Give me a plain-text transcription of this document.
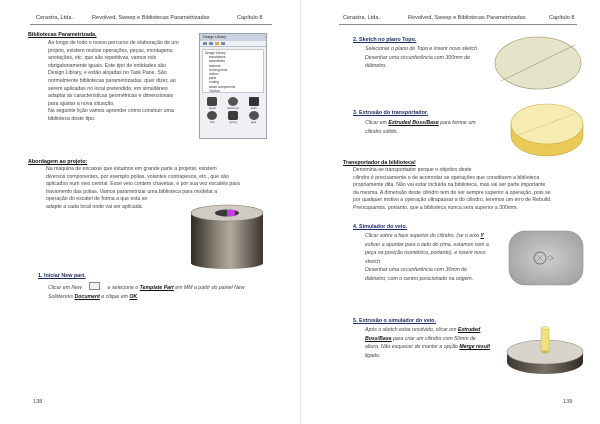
Cerastra, Ltda.	Revolved, Sweep e Bibliotecas Parametrizadas	Capítulo 8
Bibliotecas Parametrizada.
Ao longo de todo o nosso percurso de elaboração de um
projeto, existem muitos operações, peças, montagens,
anotações, etc. que são repetitivas, vamos nós
obrigatoriamente iguais. Este tipo de entidades são
Design Library, e estão alojadas no Task Pane. São
normalmente bibliotecas parametrizadas, quer dizer, ao
serem aplicadas no local pretendido, em simultâneo
adaptar às características geométricas e dimensionais
para ajustar à nova situação.
Na seguinte lição vamos aprender como construir uma
biblioteca deste tipo.
Design Library
Design Library
annotations
assemblies
features
forming tools
motion
parts
routing
smart components
Toolbox
decal	dowel pin	shaft
bolt	spring	gear
Abordagem ao projeto:
Na máquina de encaixar que estamos em grande parte a projetar, existem
diversos componentes, por exemplo polias, volantes contrapesos, etc., que são
aplicados num veio central. Esse veio contem chavetas, e por sua vez escatéis para
travamento das polias. Vamos parametrizar uma biblioteca para modelar a
operação do escatel de forma a que esta se
adapte a cada local onde vai ser aplicada.
1. Iniciar New part.
Clicar em New	e selecione o Template Part em MM a partir do painel New
Solidworks Document e clique em OK.
138
Cerastra, Ltda.	Revolved, Sweep e Bibliotecas Parametrizadas	Capítulo 8
2. Sketch no plano Topo.
Selecionar o plano de Topo e inserir novo sketch.
Desenhar uma circunferência com 300mm de
diâmetro.
3. Extrusão do transportador.
Clicar em Extruded Boss/Base para formar um
cilindro sólido.
Transportador da biblioteca!
Denomina-se transportador porque o objetivo deste
cilindro é precisamente o de acomodar as operações que constituem a biblioteca
propriamente dita. Não vai estar incluída na biblioteca, mas vai ser parte importante
da mesma. A dimensão deste cilindro tem de ser sempre superior à operação, pois se
por qualquer motivo a operação ultrapassar a do cilindro, teremos um erro de Rebuild.
Preocupamos, portanto, que a biblioteca nunca será superior a 300mm.
4. Simulador do veio.
Clicar sobre a face superior do cilindro, (se o eixo Y
estiver a apontar para o lado de cima, estamos com a
peça na posição isométrica, portanto), e inserir novo
sketch.
Desenhar uma circunferência com 30mm de
diâmetro, com o centro posicionado na origem.
5. Extrusão o simulador do veio.
Após o sketch estar resolvido, clicar em Extruded
Boss/Base para criar um cilindro com 50mm de
altura. Não esquecer de manter a opção Merge result
ligado.
139
